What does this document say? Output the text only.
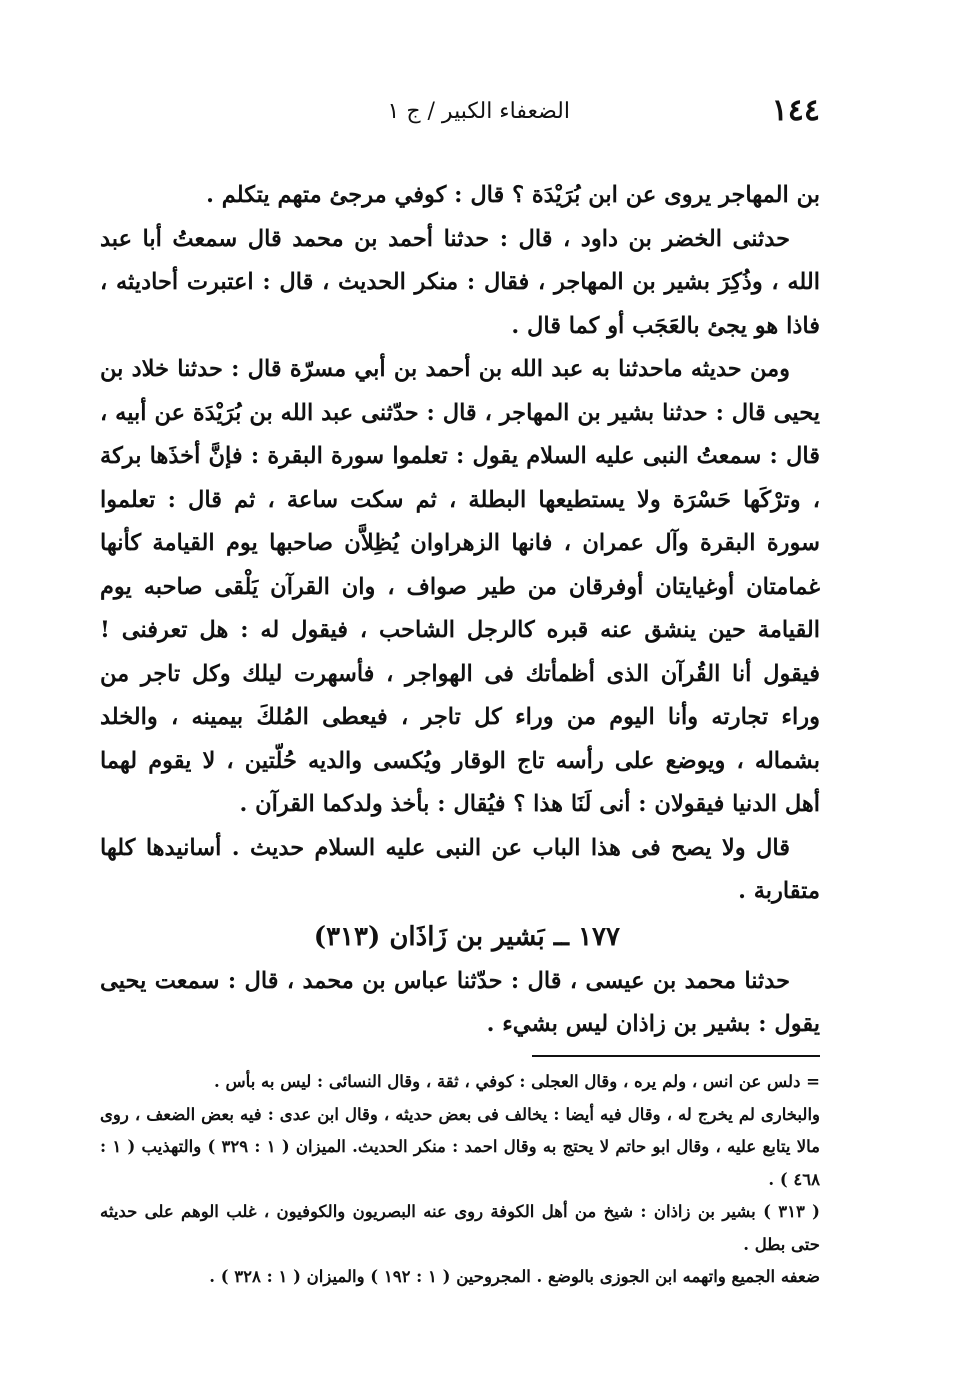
١٤٤
الضعفاء الكبير / ج ١

بن المهاجر يروى عن ابن بُرَيْدَة ؟ قال : كوفي مرجئ متهم يتكلم .

حدثنى الخضر بن داود ، قال : حدثنا أحمد بن محمد قال سمعتُ أبا عبد الله ، وذُكِرَ بشير بن المهاجر ، فقال : منكر الحديث ، قال : اعتبرت أحاديثه ، فاذا هو يجئ بالعَجَب أو كما قال .

ومن حديثه ماحدثنا به عبد الله بن أحمد بن أبي مسرّة قال : حدثنا خلاد بن يحيى قال : حدثنا بشير بن المهاجر ، قال : حدّثنى عبد الله بن بُرَيْدَة عن أبيه ، قال : سمعتُ النبى عليه السلام يقول : تعلموا سورة البقرة : فإنَّ أخذَها بركة ، وترْكَها حَسْرَة ولا يستطيعها البطلة ، ثم سكت ساعة ، ثم قال : تعلموا سورة البقرة وآل عمران ، فانها الزهراوان يُظِلاَّن صاحبها يوم القيامة كأنها غمامتان أوغيايتان أوفرقان من طير صواف ، وان القرآن يَلْقى صاحبه يوم القيامة حين ينشق عنه قبره كالرجل الشاحب ، فيقول له : هل تعرفنى ! فيقول أنا القُرآن الذى أظمأتك فى الهواجر ، فأسهرت ليلك وكل تاجر من وراء تجارته وأنا اليوم من وراء كل تاجر ، فيعطى المُلكَ بيمينه ، والخلد بشماله ، ويوضع على رأسه تاج الوقار ويُكسى والديه حُلّتين ، لا يقوم لهما أهل الدنيا فيقولان : أنى لَنَا هذا ؟ فيُقال : بأخذ ولدكما القرآن .

قال ولا يصح فى هذا الباب عن النبى عليه السلام حديث . أسانيدها كلها متقاربة .

١٧٧ ــ بَشير بن زَاذَان (٣١٣)

حدثنا محمد بن عيسى ، قال : حدّثنا عباس بن محمد ، قال : سمعت يحيى يقول : بشير بن زاذان ليس بشيء .

= دلس عن انس ، ولم يره ، وقال العجلى : كوفي ، ثقة ، وقال النسائى : ليس به بأس .

والبخارى لم يخرج له ، وقال فيه أيضا : يخالف فى بعض حديثه ، وقال ابن عدى : فيه بعض الضعف ، روى مالا يتابع عليه ، وقال ابو حاتم لا يحتج به وقال احمد : منكر الحديث. الميزان ( ١ : ٣٢٩ ) والتهذيب ( ١ : ٤٦٨ ) .

( ٣١٣ ) بشير بن زاذان : شيخ من أهل الكوفة روى عنه البصريون والكوفيون ، غلب الوهم على حديثه حتى بطل .

ضعفه الجميع واتهمه ابن الجوزى بالوضع . المجروحين ( ١ : ١٩٢ ) والميزان ( ١ : ٣٢٨ ) .
